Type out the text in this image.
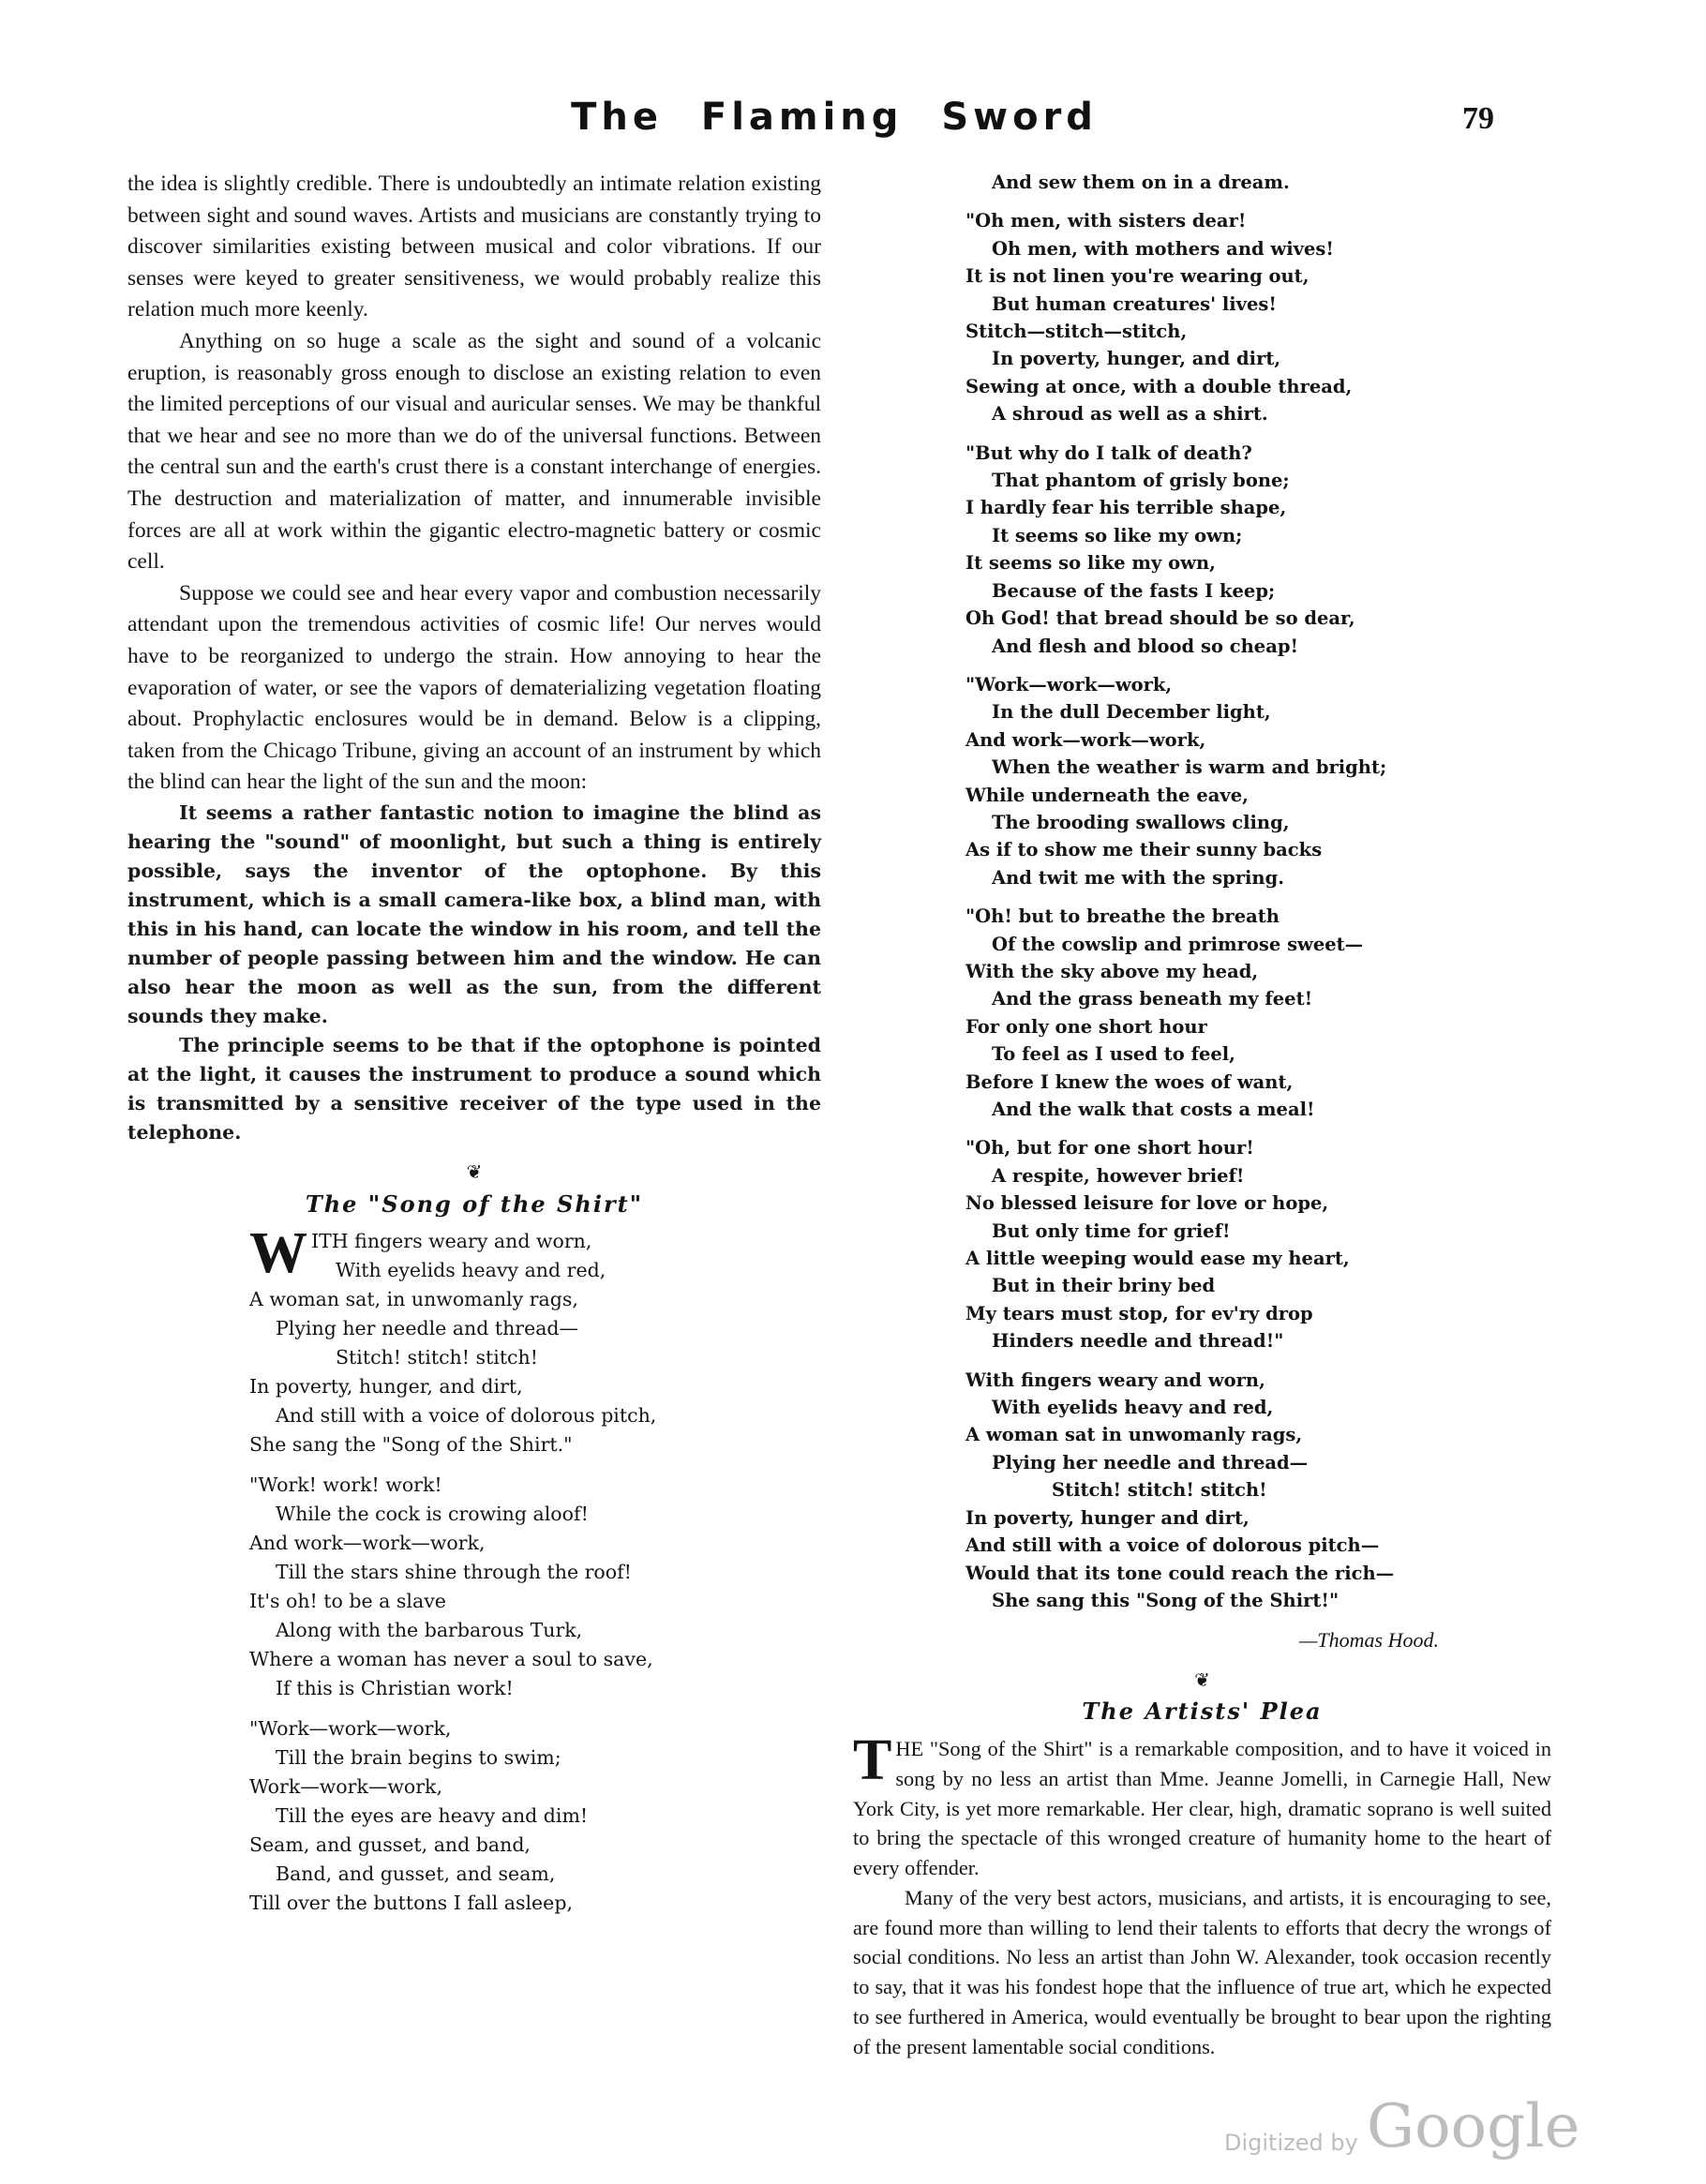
The Flaming Sword	79

the idea is slightly credible. There is undoubtedly an intimate relation existing between sight and sound waves. Artists and musicians are constantly trying to discover similarities existing between musical and color vibrations. If our senses were keyed to greater sensitiveness, we would probably realize this relation much more keenly.

Anything on so huge a scale as the sight and sound of a volcanic eruption, is reasonably gross enough to disclose an existing relation to even the limited perceptions of our visual and auricular senses. We may be thankful that we hear and see no more than we do of the universal functions. Between the central sun and the earth's crust there is a constant interchange of energies. The destruction and materialization of matter, and innumerable invisible forces are all at work within the gigantic electro-magnetic battery or cosmic cell.

Suppose we could see and hear every vapor and combustion necessarily attendant upon the tremendous activities of cosmic life! Our nerves would have to be reorganized to undergo the strain. How annoying to hear the evaporation of water, or see the vapors of dematerializing vegetation floating about. Prophylactic enclosures would be in demand. Below is a clipping, taken from the Chicago Tribune, giving an account of an instrument by which the blind can hear the light of the sun and the moon:

It seems a rather fantastic notion to imagine the blind as hearing the "sound" of moonlight, but such a thing is entirely possible, says the inventor of the optophone. By this instrument, which is a small camera-like box, a blind man, with this in his hand, can locate the window in his room, and tell the number of people passing between him and the window. He can also hear the moon as well as the sun, from the different sounds they make.

The principle seems to be that if the optophone is pointed at the light, it causes the instrument to produce a sound which is transmitted by a sensitive receiver of the type used in the telephone.

❦
The "Song of the Shirt"
WITH fingers weary and worn,
With eyelids heavy and red,
A woman sat, in unwomanly rags,
Plying her needle and thread—
Stitch! stitch! stitch!
In poverty, hunger, and dirt,
And still with a voice of dolorous pitch,
She sang the "Song of the Shirt."
"Work! work! work!
While the cock is crowing aloof!
And work—work—work,
Till the stars shine through the roof!
It's oh! to be a slave
Along with the barbarous Turk,
Where a woman has never a soul to save,
If this is Christian work!
"Work—work—work,
Till the brain begins to swim;
Work—work—work,
Till the eyes are heavy and dim!
Seam, and gusset, and band,
Band, and gusset, and seam,
Till over the buttons I fall asleep,
And sew them on in a dream.
"Oh men, with sisters dear!
Oh men, with mothers and wives!
It is not linen you're wearing out,
But human creatures' lives!
Stitch—stitch—stitch,
In poverty, hunger, and dirt,
Sewing at once, with a double thread,
A shroud as well as a shirt.
"But why do I talk of death?
That phantom of grisly bone;
I hardly fear his terrible shape,
It seems so like my own;
It seems so like my own,
Because of the fasts I keep;
Oh God! that bread should be so dear,
And flesh and blood so cheap!
"Work—work—work,
In the dull December light,
And work—work—work,
When the weather is warm and bright;
While underneath the eave,
The brooding swallows cling,
As if to show me their sunny backs
And twit me with the spring.
"Oh! but to breathe the breath
Of the cowslip and primrose sweet—
With the sky above my head,
And the grass beneath my feet!
For only one short hour
To feel as I used to feel,
Before I knew the woes of want,
And the walk that costs a meal!
"Oh, but for one short hour!
A respite, however brief!
No blessed leisure for love or hope,
But only time for grief!
A little weeping would ease my heart,
But in their briny bed
My tears must stop, for ev'ry drop
Hinders needle and thread!"
With fingers weary and worn,
With eyelids heavy and red,
A woman sat in unwomanly rags,
Plying her needle and thread—
Stitch! stitch! stitch!
In poverty, hunger and dirt,
And still with a voice of dolorous pitch—
Would that its tone could reach the rich—
She sang this "Song of the Shirt!"
—Thomas Hood.
❦
The Artists' Plea

THE "Song of the Shirt" is a remarkable composition, and to have it voiced in song by no less an artist than Mme. Jeanne Jomelli, in Carnegie Hall, New York City, is yet more remarkable. Her clear, high, dramatic soprano is well suited to bring the spectacle of this wronged creature of humanity home to the heart of every offender.

Many of the very best actors, musicians, and artists, it is encouraging to see, are found more than willing to lend their talents to efforts that decry the wrongs of social conditions. No less an artist than John W. Alexander, took occasion recently to say, that it was his fondest hope that the influence of true art, which he expected to see furthered in America, would eventually be brought to bear upon the righting of the present lamentable social conditions.

Digitized by Google
